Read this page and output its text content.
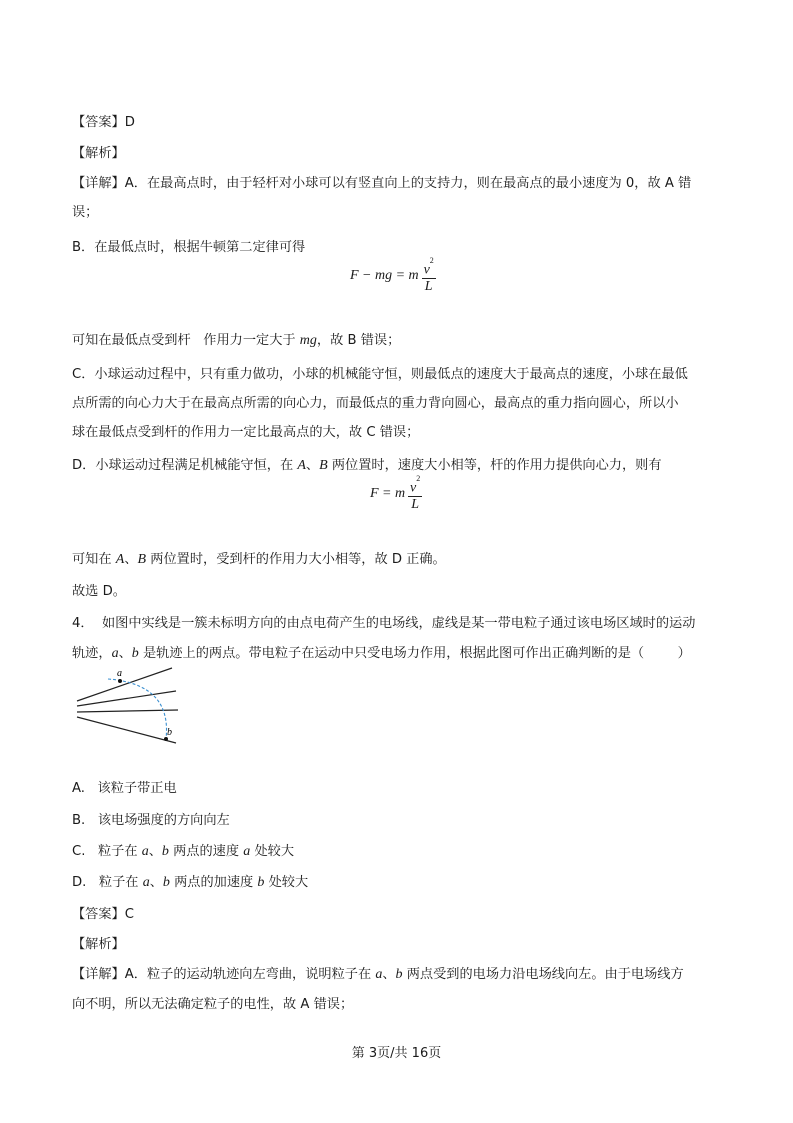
【答案】D

【解析】

【详解】A．在最高点时，由于轻杆对小球可以有竖直向上的支持力，则在最高点的最小速度为 0，故 A 错

误；

B．在最低点时，根据牛顿第二定律可得

F − mg = m $\frac{v^2}{L}$

可知在最低点受到杆   作用力一定大于 mg，故 B 错误；

C．小球运动过程中，只有重力做功，小球的机械能守恒，则最低点的速度大于最高点的速度，小球在最低

点所需的向心力大于在最高点所需的向心力，而最低点的重力背向圆心，最高点的重力指向圆心，所以小

球在最低点受到杆的作用力一定比最高点的大，故 C 错误；

D．小球运动过程满足机械能守恒，在 A、B 两位置时，速度大小相等，杆的作用力提供向心力，则有

F = m $\frac{v^2}{L}$

可知在 A、B 两位置时，受到杆的作用力大小相等，故 D 正确。

故选 D。

4．  如图中实线是一簇未标明方向的由点电荷产生的电场线，虚线是某一带电粒子通过该电场区域时的运动

轨迹，a、b 是轨迹上的两点。带电粒子在运动中只受电场力作用，根据此图可作出正确判断的是（        ）

a
b

A.   该粒子带正电

B.   该电场强度的方向向左

C.   粒子在 a、b 两点的速度 a 处较大

D.   粒子在 a、b 两点的加速度 b 处较大

【答案】C

【解析】

【详解】A．粒子的运动轨迹向左弯曲，说明粒子在 a、b 两点受到的电场力沿电场线向左。由于电场线方

向不明，所以无法确定粒子的电性，故 A 错误；

第 3页/共 16页
